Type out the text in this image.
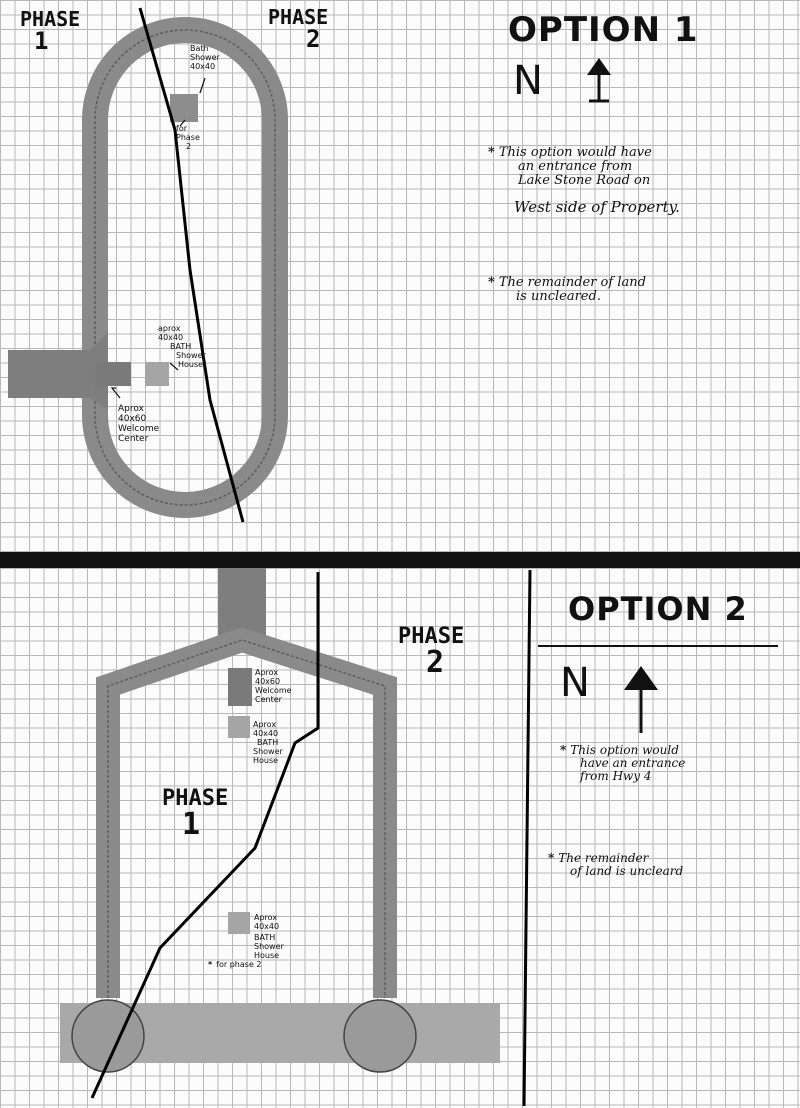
PHASE
1
PHASE
2	OPTION 1
N
* This option would have
an entrance from
Lake Stone Road on
West side of Property.
* The remainder of land
is uncleared.
Bath
Shower
40x40
for
Phase
2
aprox
40x40
BATH
Shower
House
Aprox
40x60
Welcome
Center
OPTION 2
N
PHASE
2
PHASE
1
* This option would
have an entrance
from Hwy 4
* The remainder
of land is uncleard
Aprox
40x60
Welcome
Center
Aprox
40x40
BATH
Shower
House
Aprox
40x40
BATH
Shower
House
* for phase 2
